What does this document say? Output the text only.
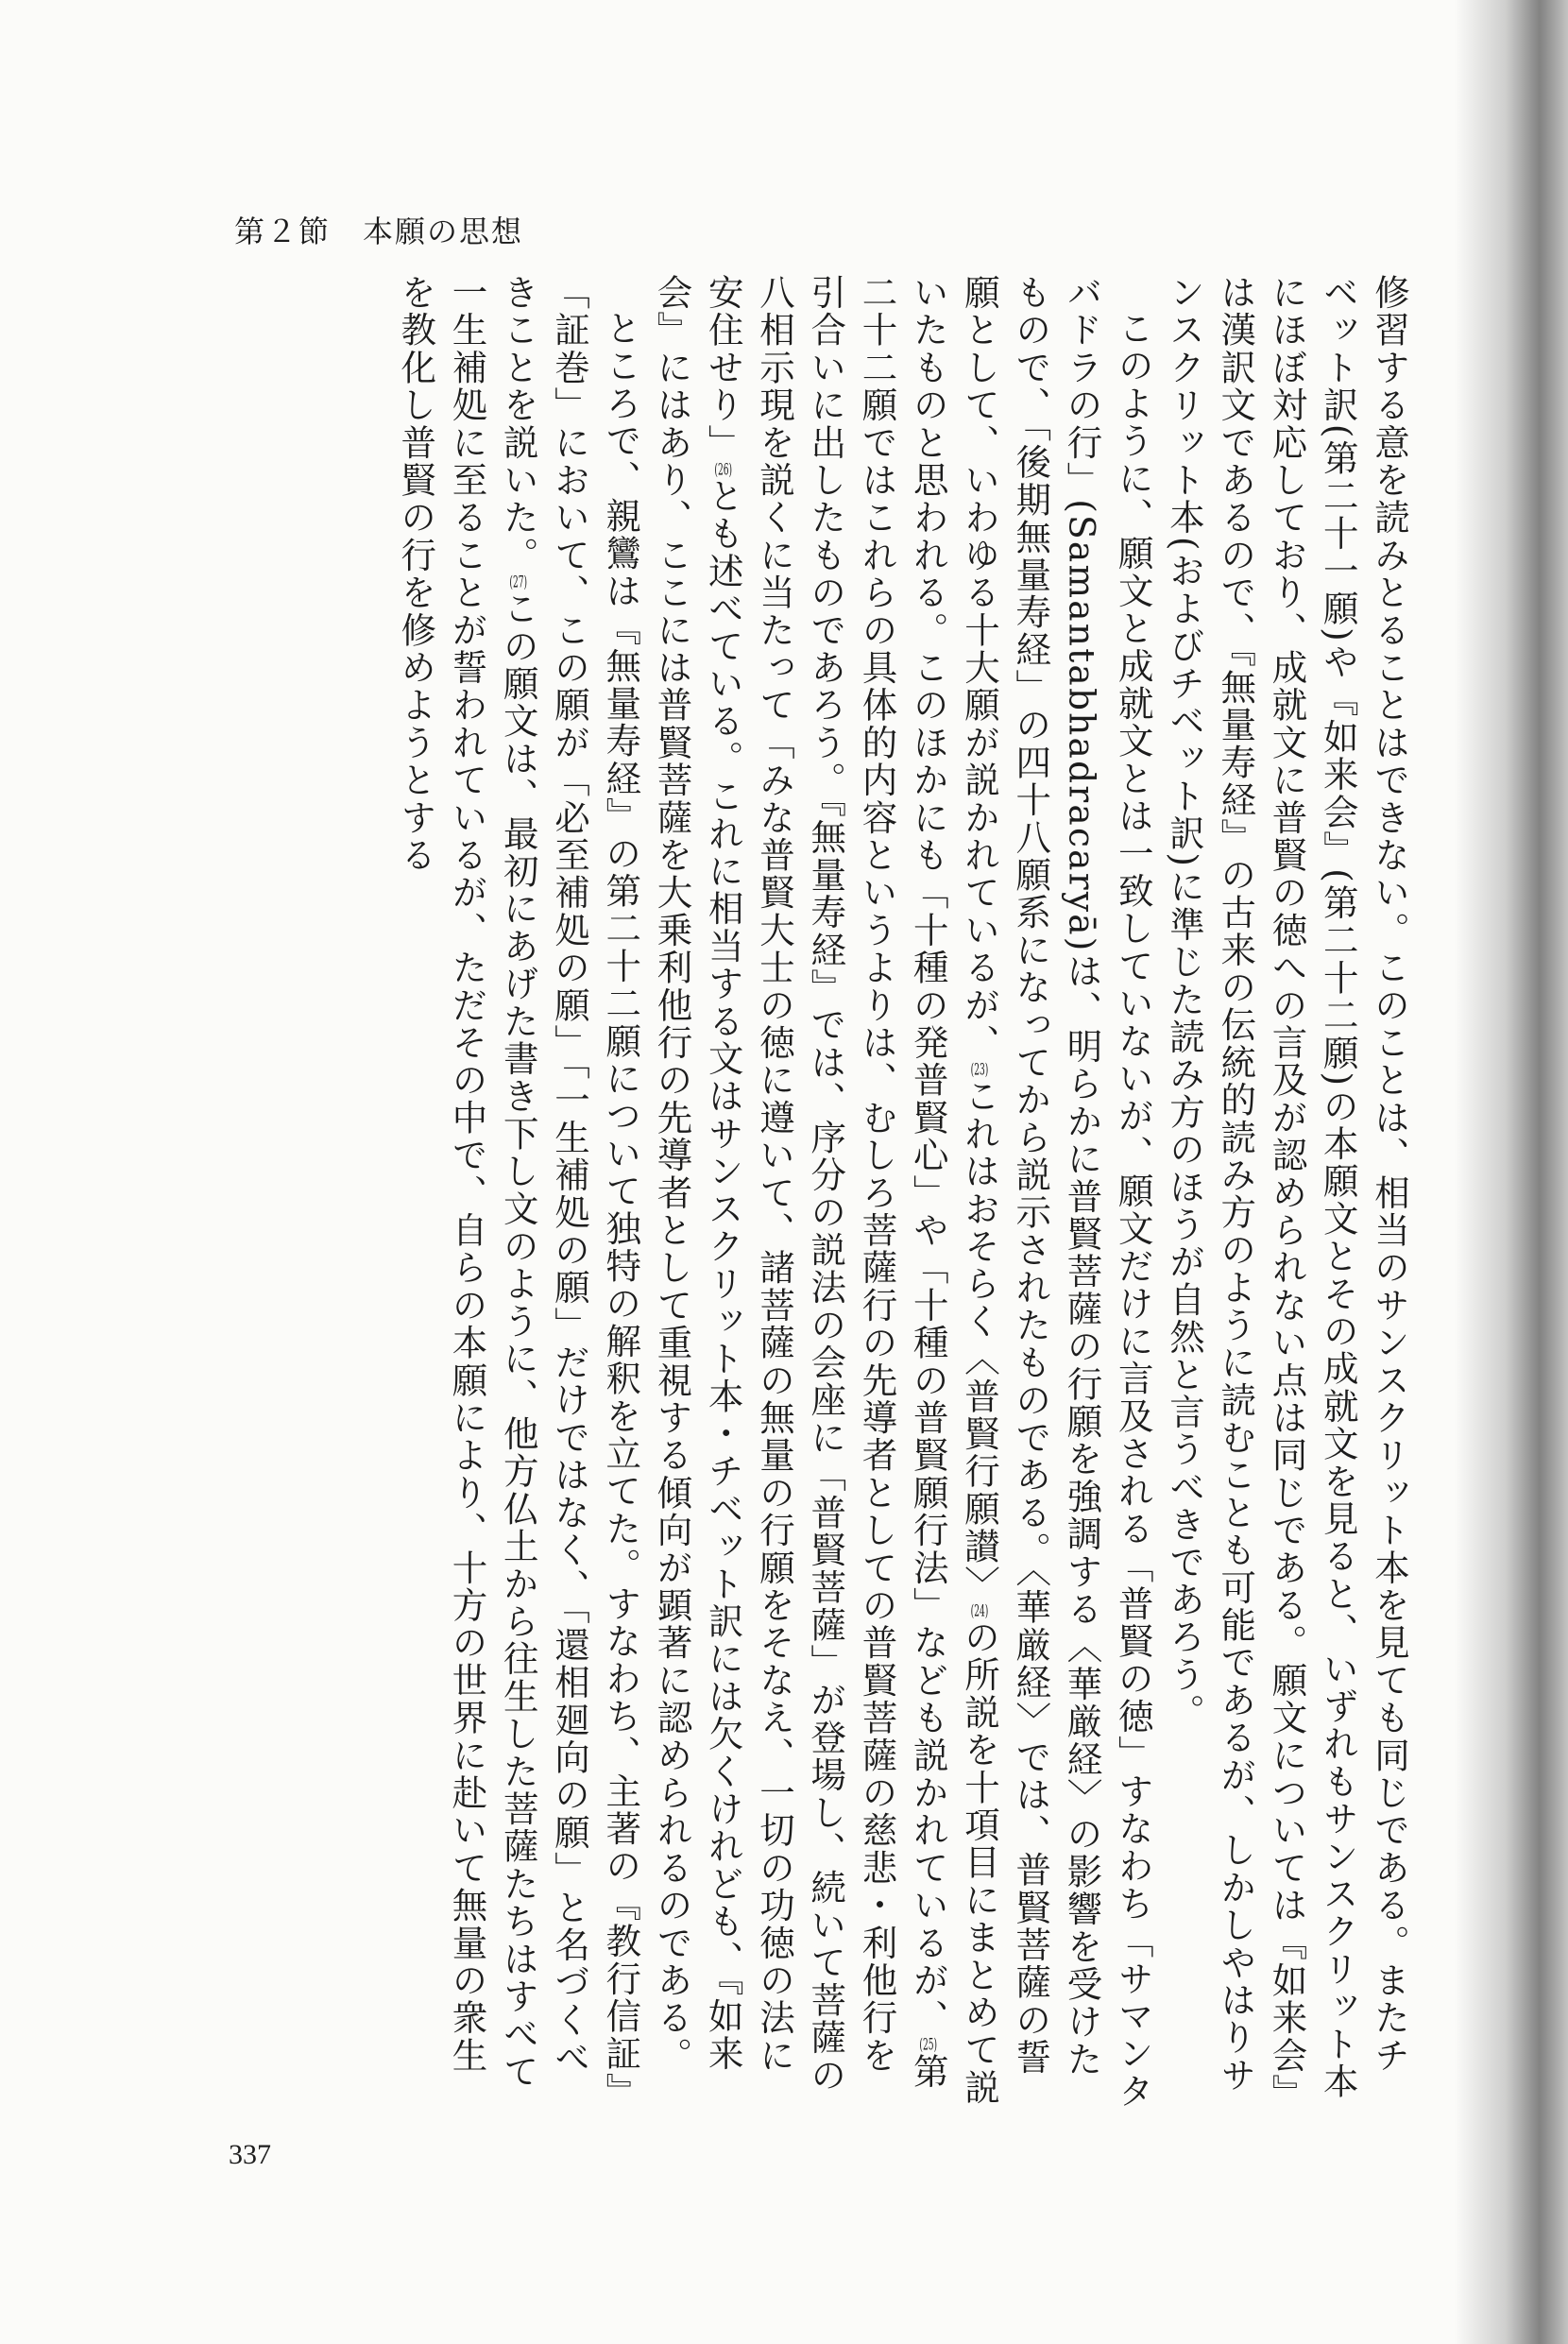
第２節　本願の思想

修習する意を読みとることはできない。このことは、相当のサンスクリット本を見ても同じである。またチベット訳(第二十一願)や『如来会』(第二十二願)の本願文とその成就文を見ると、いずれもサンスクリット本にほぼ対応しており、成就文に普賢の徳への言及が認められない点は同じである。願文については『如来会』は漢訳文であるので、『無量寿経』の古来の伝統的読み方のように読むことも可能であるが、しかしやはりサンスクリット本(およびチベット訳)に準じた読み方のほうが自然と言うべきであろう。

このように、願文と成就文とは一致していないが、願文だけに言及される「普賢の徳」すなわち「サマンタバドラの行」(Samantabhadracaryā)は、明らかに普賢菩薩の行願を強調する〈華厳経〉の影響を受けたもので、「後期無量寿経」の四十八願系になってから説示されたものである。〈華厳経〉では、普賢菩薩の誓願として、いわゆる十大願が説かれているが、(23)これはおそらく〈普賢行願讃〉(24)の所説を十項目にまとめて説いたものと思われる。このほかにも「十種の発普賢心」や「十種の普賢願行法」なども説かれているが、(25)第二十二願ではこれらの具体的内容というよりは、むしろ菩薩行の先導者としての普賢菩薩の慈悲・利他行を引合いに出したものであろう。『無量寿経』では、序分の説法の会座に「普賢菩薩」が登場し、続いて菩薩の八相示現を説くに当たって「みな普賢大士の徳に遵いて、諸菩薩の無量の行願をそなえ、一切の功徳の法に安住せり」(26)とも述べている。これに相当する文はサンスクリット本・チベット訳には欠くけれども、『如来会』にはあり、ここには普賢菩薩を大乗利他行の先導者として重視する傾向が顕著に認められるのである。

ところで、親鸞は『無量寿経』の第二十二願について独特の解釈を立てた。すなわち、主著の『教行信証』「証巻」において、この願が「必至補処の願」「一生補処の願」だけではなく、「還相廻向の願」と名づくべきことを説いた。(27)この願文は、最初にあげた書き下し文のように、他方仏土から往生した菩薩たちはすべて一生補処に至ることが誓われているが、ただその中で、自らの本願により、十方の世界に赴いて無量の衆生を教化し普賢の行を修めようとする

337
